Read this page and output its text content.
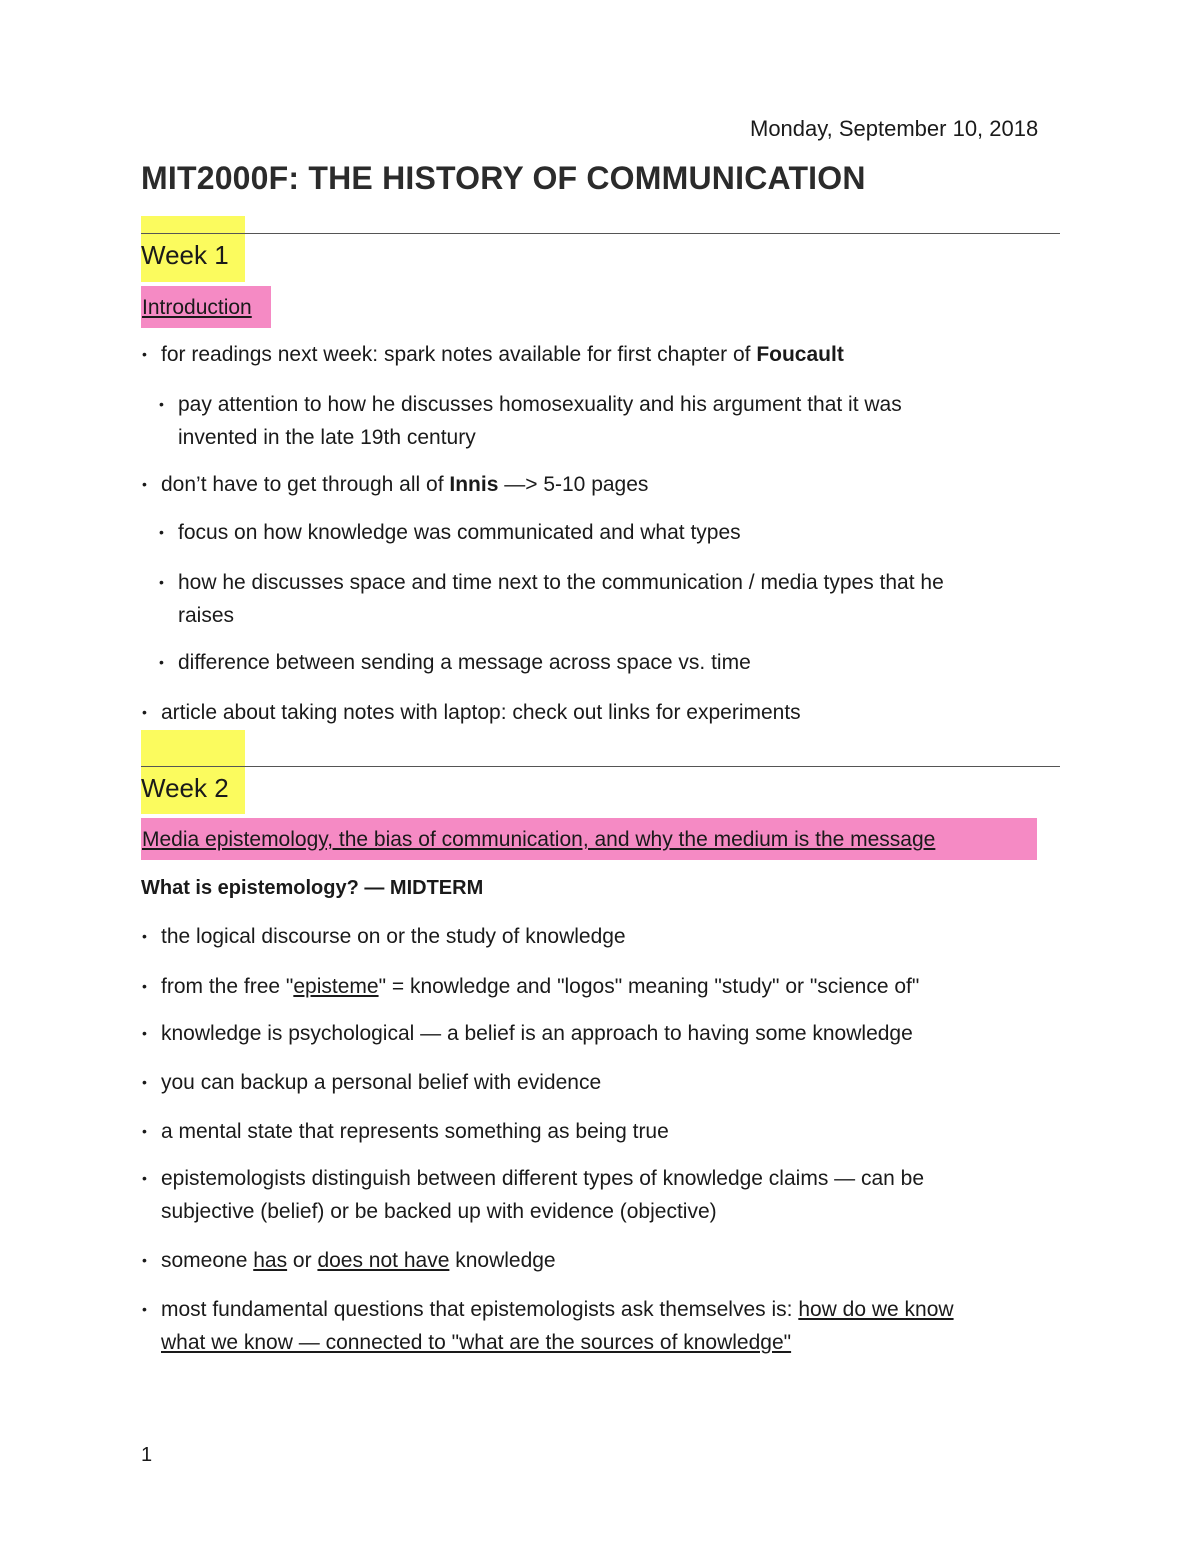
Monday, September 10, 2018
MIT2000F: THE HISTORY OF COMMUNICATION
Week 1
Introduction
• for readings next week: spark notes available for first chapter of Foucault
• pay attention to how he discusses homosexuality and his argument that it was
invented in the late 19th century
• don’t have to get through all of Innis —> 5-10 pages
• focus on how knowledge was communicated and what types
• how he discusses space and time next to the communication / media types that he
raises
• difference between sending a message across space vs. time
• article about taking notes with laptop: check out links for experiments
Week 2
Media epistemology, the bias of communication, and why the medium is the message
What is epistemology? — MIDTERM
• the logical discourse on or the study of knowledge
• from the free "episteme" = knowledge and "logos" meaning "study" or "science of"
• knowledge is psychological — a belief is an approach to having some knowledge
• you can backup a personal belief with evidence
• a mental state that represents something as being true
• epistemologists distinguish between different types of knowledge claims — can be
subjective (belief) or be backed up with evidence (objective)
• someone has or does not have knowledge
• most fundamental questions that epistemologists ask themselves is: how do we know
what we know — connected to "what are the sources of knowledge"
1
